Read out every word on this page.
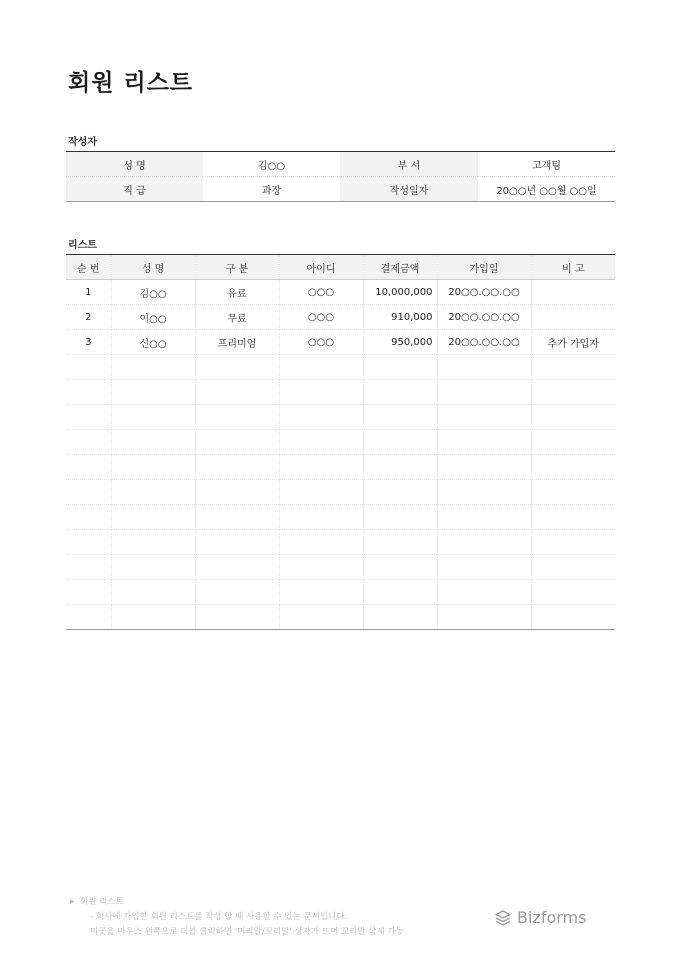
회원 리스트
작성자
성 명	김○○	부 서	고객팀
직 급	과장	작성일자	20○○년 ○○월 ○○일
리스트
순 번	성 명	구 분	아이디	결제금액	가입일	비 고
1	김○○	유료	○○○	10,000,000	20○○.○○.○○	
2	이○○	무료	○○○	910,000	20○○.○○.○○	
3	신○○	프리미엄	○○○	950,000	20○○.○○.○○	추가 가입자

▶ 회원 리스트
- 회사에 가입한 회원 리스트를 작성 할 때 사용할 수 있는 문서입니다.
이곳을 마우스 왼쪽으로 더블 클릭하면 '머리말/꼬리말' 상자가 뜨며 꼬리말 삭제 가능
Bizforms
